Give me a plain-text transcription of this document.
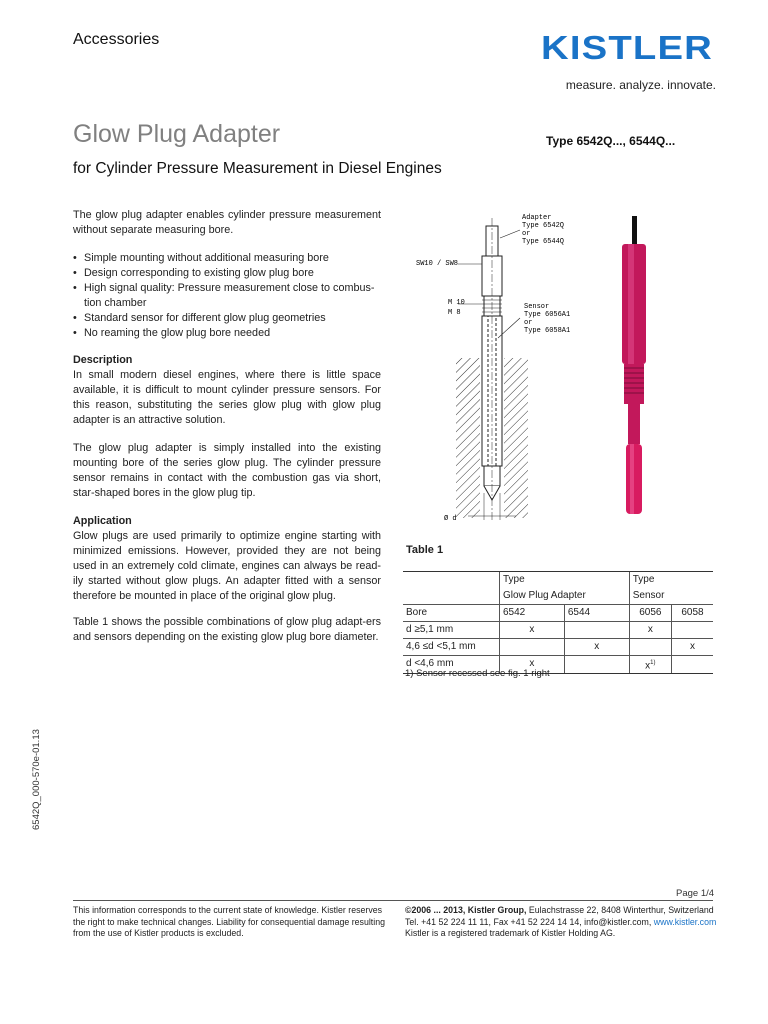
Accessories	KISTLER
measure. analyze. innovate.
Glow Plug Adapter	Type 6542Q..., 6544Q...
for Cylinder Pressure Measurement in Diesel Engines

The glow plug adapter enables cylinder pressure measurement without separate measuring bore.

• Simple mounting without additional measuring bore
• Design corresponding to existing glow plug bore
• High signal quality: Pressure measurement close to combus-tion chamber
• Standard sensor for different glow plug geometries
• No reaming the glow plug bore needed
Description

In small modern diesel engines, where there is little space available, it is difficult to mount cylinder pressure sensors. For this reason, substituting the series glow plug with glow plug adapter is an attractive solution.

The glow plug adapter is simply installed into the existing mounting bore of the series glow plug. The cylinder pressure sensor remains in contact with the combustion gas via short, star-shaped bores in the glow plug tip.

Application

Glow plugs are used primarily to optimize engine starting with minimized emissions. However, provided they are not being used in an extremely cold climate, engines can always be read-ily started without glow plugs. An adapter fitted with a sensor therefore be mounted in place of the original glow plug.

Table 1 shows the possible combinations of glow plug adapt-ers and sensors depending on the existing glow plug bore diameter.

Adapter
Type 6542Q
or
Type 6544Q
SW10 / SW8
M 10
M 8
Sensor
Type 6056A1
or
Type 6058A1
Ø d
Table 1
	Type		Type	
	Glow Plug Adapter		Sensor	
Bore	6542	6544	6056	6058
d ≥5,1 mm	x		x	
4,6 ≤d <5,1 mm		x		x
d <4,6 mm	x		$x^{1)}$	
1) Sensor recessed see fig. 1 right
6542Q_000-570e-01.13
Page 1/4
This information corresponds to the current state of knowledge. Kistler reserves the right to make technical changes. Liability for consequential damage resulting from the use of Kistler products is excluded.
©2006 ... 2013, Kistler Group, Eulachstrasse 22, 8408 Winterthur, Switzerland
Tel. +41 52 224 11 11, Fax +41 52 224 14 14, info@kistler.com, www.kistler.com
Kistler is a registered trademark of Kistler Holding AG.
